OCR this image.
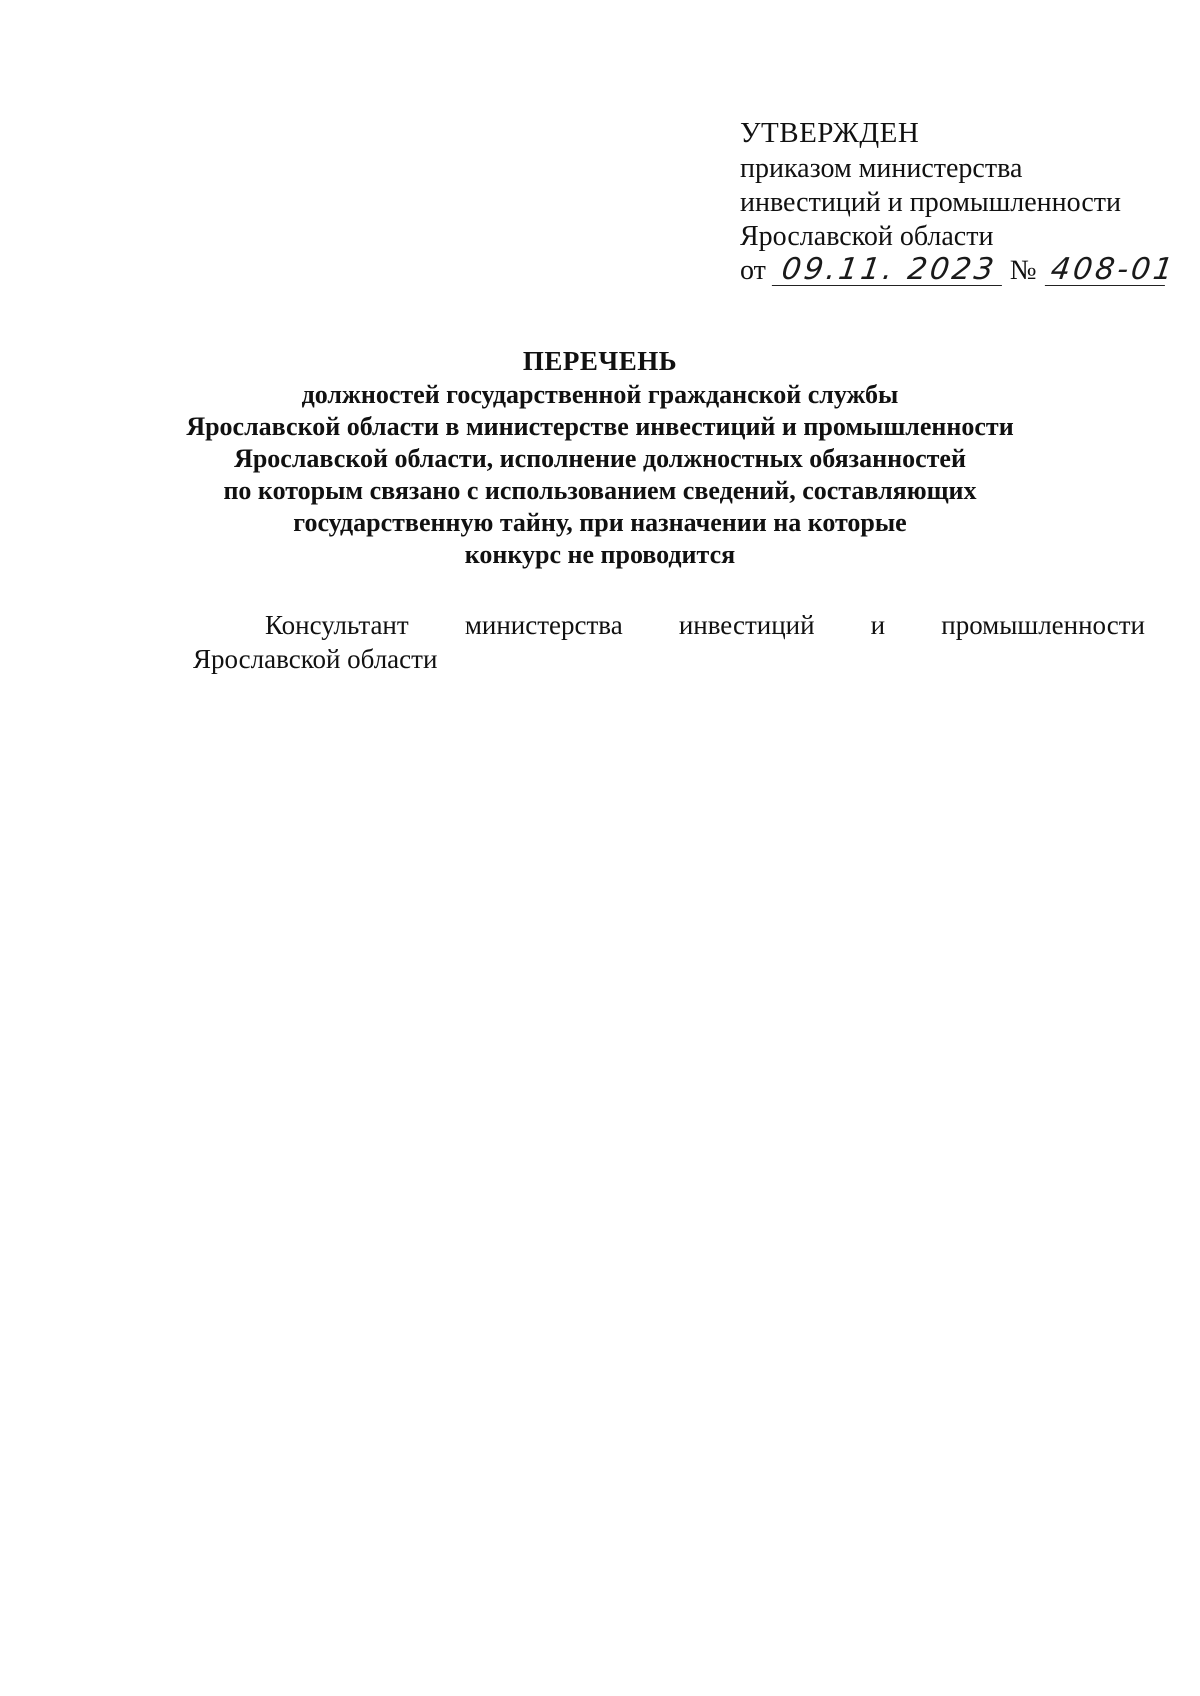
УТВЕРЖДЕН
приказом министерства
инвестиций и промышленности
Ярославской области
от 09.11. 2023 № 408-01
ПЕРЕЧЕНЬ
должностей государственной гражданской службы
Ярославской области в министерстве инвестиций и промышленности
Ярославской области, исполнение должностных обязанностей
по которым связано с использованием сведений, составляющих
государственную тайну, при назначении на которые
конкурс не проводится
Консультант министерства инвестиций и промышленности
Ярославской области
